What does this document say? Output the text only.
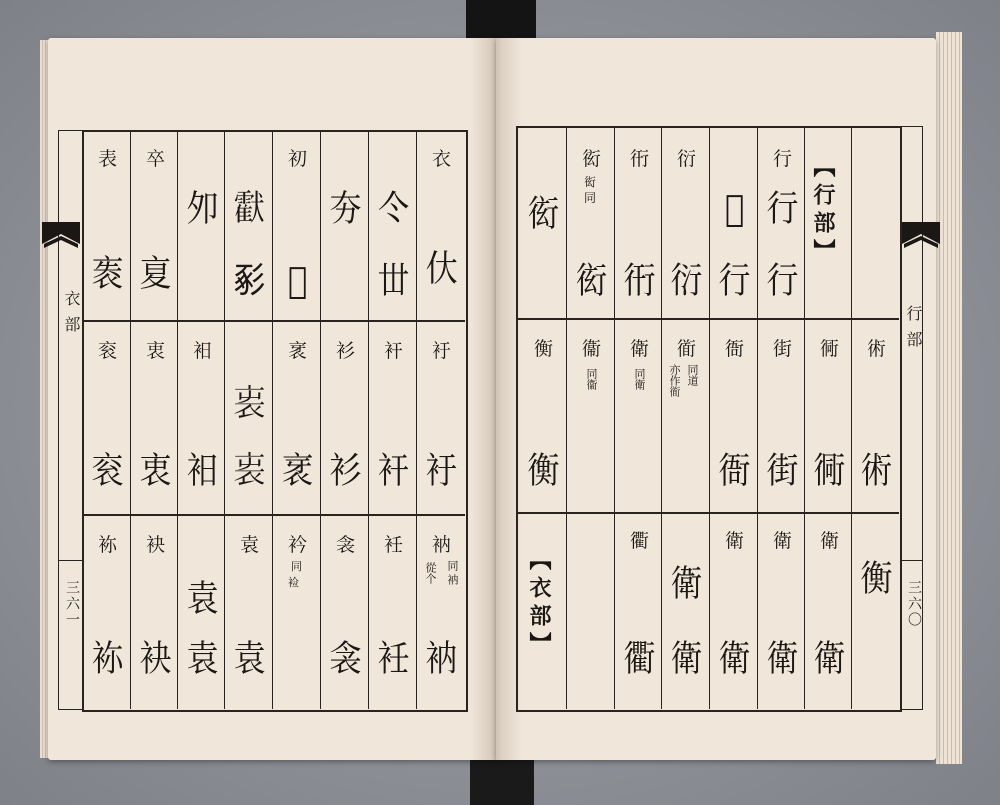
衣部
三六一
衣
㐲
仒
丗
夯
初
𡄛
𤣅
𢒔
夘
卒
㚆
表
袠
衧
衧
衦
衦
衫
衫
衺
衺
𧘫
𧘫
衵
衵
衷
衷
衮
衮
衲
同
衲
從个
衲
衽
衽
衾
衾
衿
同
裣
袁
袁
袁
袁
袂
袂
袮
袮
行部
三六〇
【行部】
行
行
行
𠉀
行
衍
衍
衎
衎
衒
衒
同
衒
衒
術
術
衕
衕
街
街
衙
衙
衜
同道
亦作衜
衛
同衛
衞
同衞
衡
衡
衡
衛
衛
衛
衛
衛
衛
衛
衛
衢
衢
【衣部】
